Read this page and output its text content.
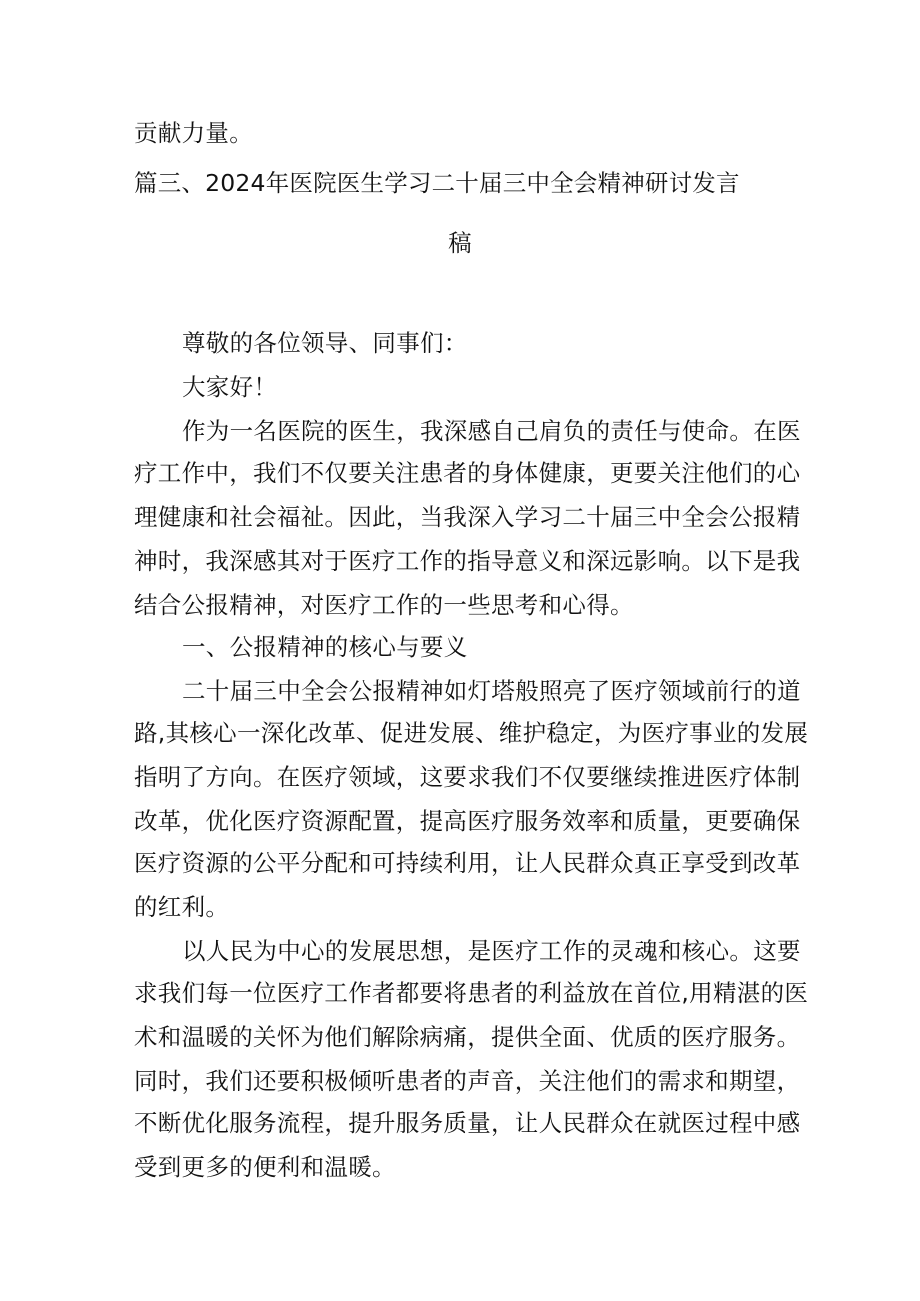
贡献力量。
篇三、2024年医院医生学习二十届三中全会精神研讨发言
稿
尊敬的各位领导、同事们：
大家好！
作为一名医院的医生，我深感自己肩负的责任与使命。在医
疗工作中，我们不仅要关注患者的身体健康，更要关注他们的心
理健康和社会福祉。因此，当我深入学习二十届三中全会公报精
神时，我深感其对于医疗工作的指导意义和深远影响。以下是我
结合公报精神，对医疗工作的一些思考和心得。
一、公报精神的核心与要义
二十届三中全会公报精神如灯塔般照亮了医疗领域前行的道
路,其核心一深化改革、促进发展、维护稳定，为医疗事业的发展
指明了方向。在医疗领域，这要求我们不仅要继续推进医疗体制
改革，优化医疗资源配置，提高医疗服务效率和质量，更要确保
医疗资源的公平分配和可持续利用，让人民群众真正享受到改革
的红利。
以人民为中心的发展思想，是医疗工作的灵魂和核心。这要
求我们每一位医疗工作者都要将患者的利益放在首位,用精湛的医
术和温暖的关怀为他们解除病痛，提供全面、优质的医疗服务。
同时，我们还要积极倾听患者的声音，关注他们的需求和期望，
不断优化服务流程，提升服务质量，让人民群众在就医过程中感
受到更多的便利和温暖。
